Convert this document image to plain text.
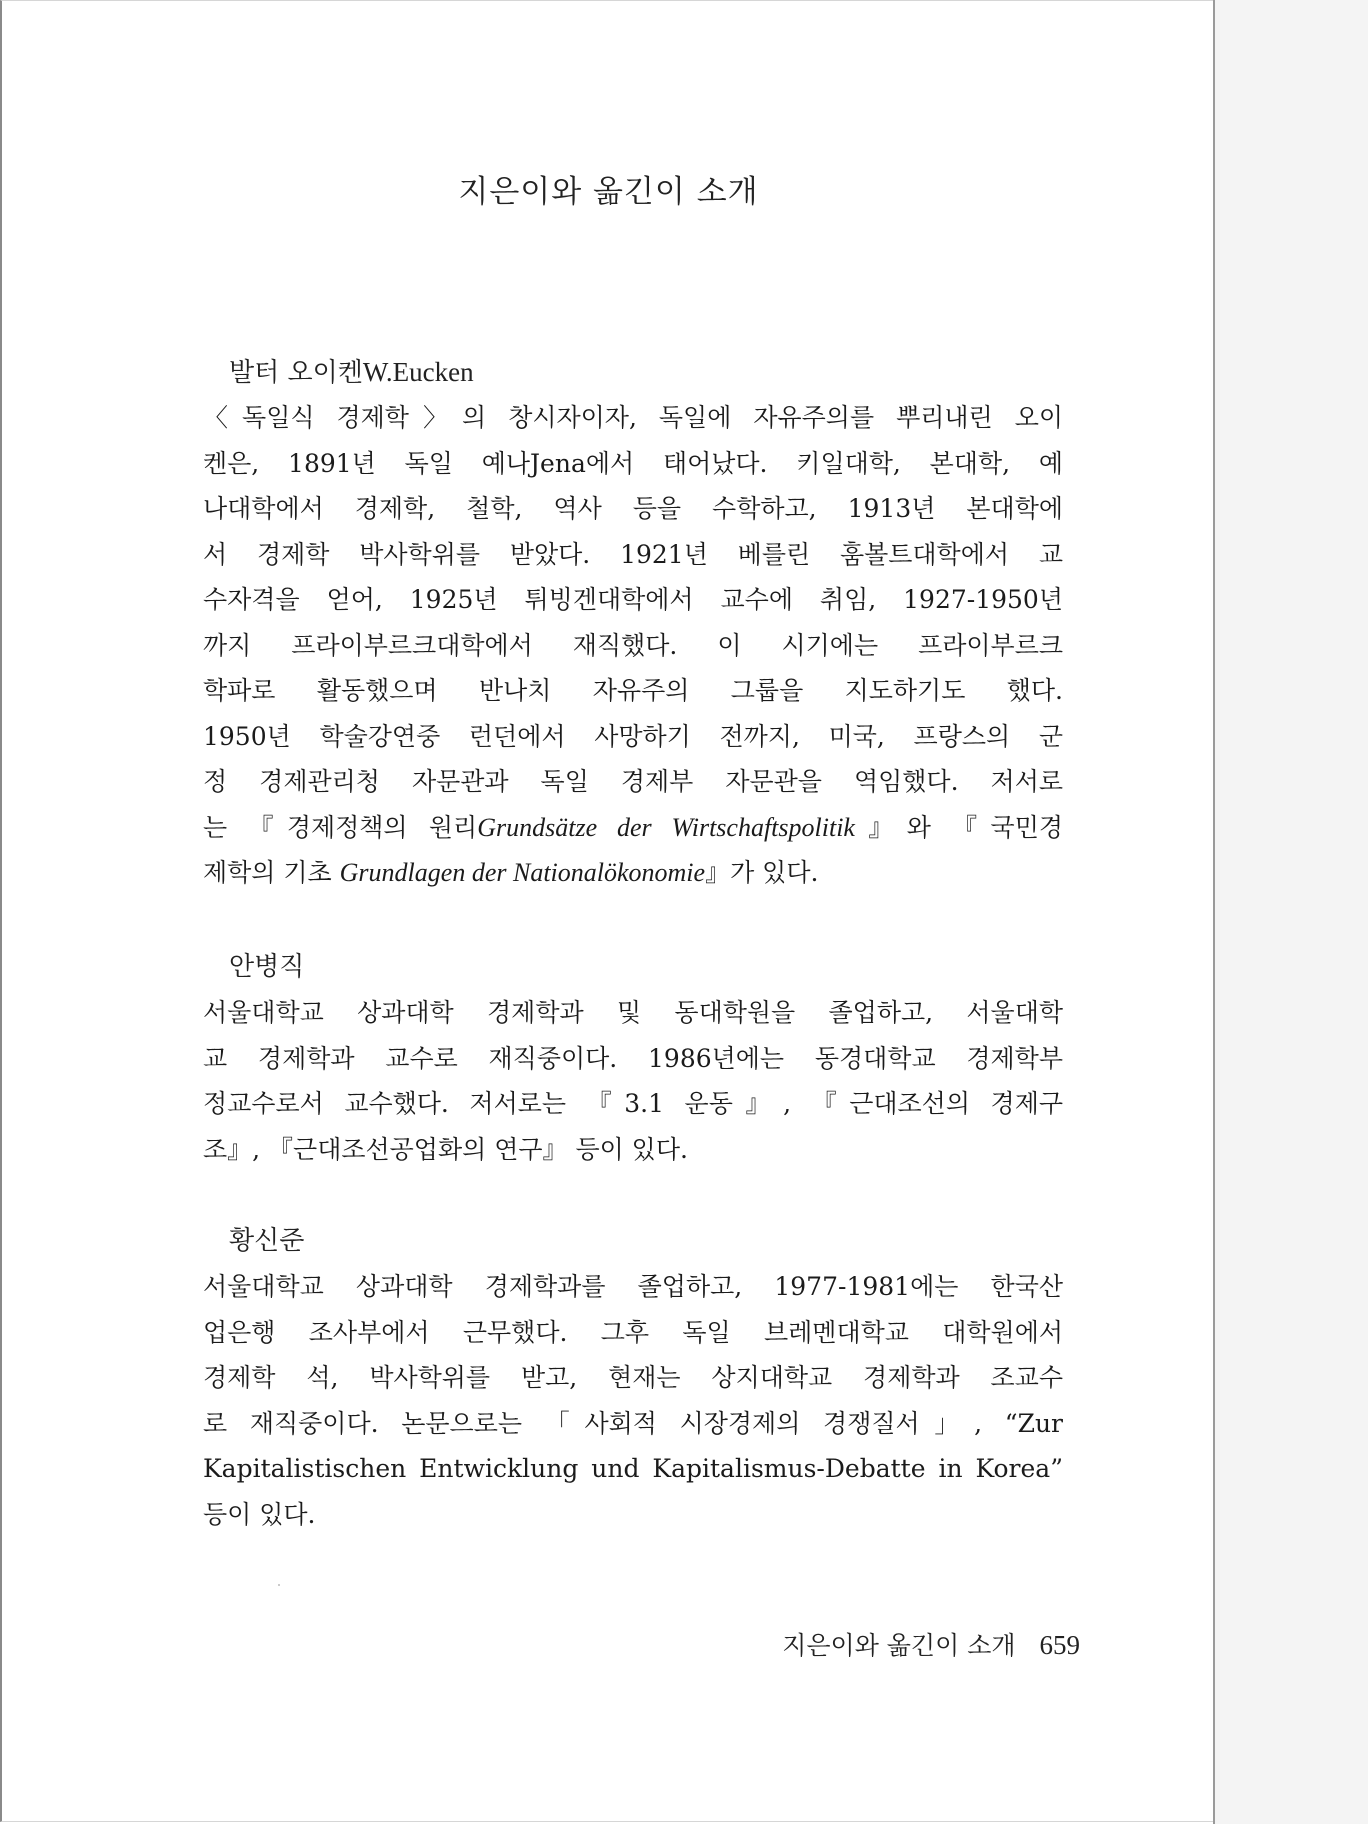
지은이와 옮긴이 소개
발터 오이켄W.Eucken
〈독일식 경제학〉의 창시자이자, 독일에 자유주의를 뿌리내린 오이
켄은, 1891년 독일 예나Jena에서 태어났다. 키일대학, 본대학, 예
나대학에서 경제학, 철학, 역사 등을 수학하고, 1913년 본대학에
서 경제학 박사학위를 받았다. 1921년 베를린 훔볼트대학에서 교
수자격을 얻어, 1925년 튀빙겐대학에서 교수에 취임, 1927-1950년
까지 프라이부르크대학에서 재직했다. 이 시기에는 프라이부르크
학파로 활동했으며 반나치 자유주의 그룹을 지도하기도 했다.
1950년 학술강연중 런던에서 사망하기 전까지, 미국, 프랑스의 군
정 경제관리청 자문관과 독일 경제부 자문관을 역임했다. 저서로
는 『경제정책의 원리Grundsätze der Wirtschaftspolitik』와 『국민경
제학의 기초 Grundlagen der Nationalökonomie』가 있다.
안병직
서울대학교 상과대학 경제학과 및 동대학원을 졸업하고, 서울대학
교 경제학과 교수로 재직중이다. 1986년에는 동경대학교 경제학부
정교수로서 교수했다. 저서로는 『3.1 운동』, 『근대조선의 경제구
조』, 『근대조선공업화의 연구』 등이 있다.
황신준
서울대학교 상과대학 경제학과를 졸업하고, 1977-1981에는 한국산
업은행 조사부에서 근무했다. 그후 독일 브레멘대학교 대학원에서
경제학 석, 박사학위를 받고, 현재는 상지대학교 경제학과 조교수
로 재직중이다. 논문으로는 「사회적 시장경제의 경쟁질서」, “Zur
Kapitalistischen Entwicklung und Kapitalismus-Debatte in Korea”
등이 있다.
지은이와 옮긴이 소개 659
